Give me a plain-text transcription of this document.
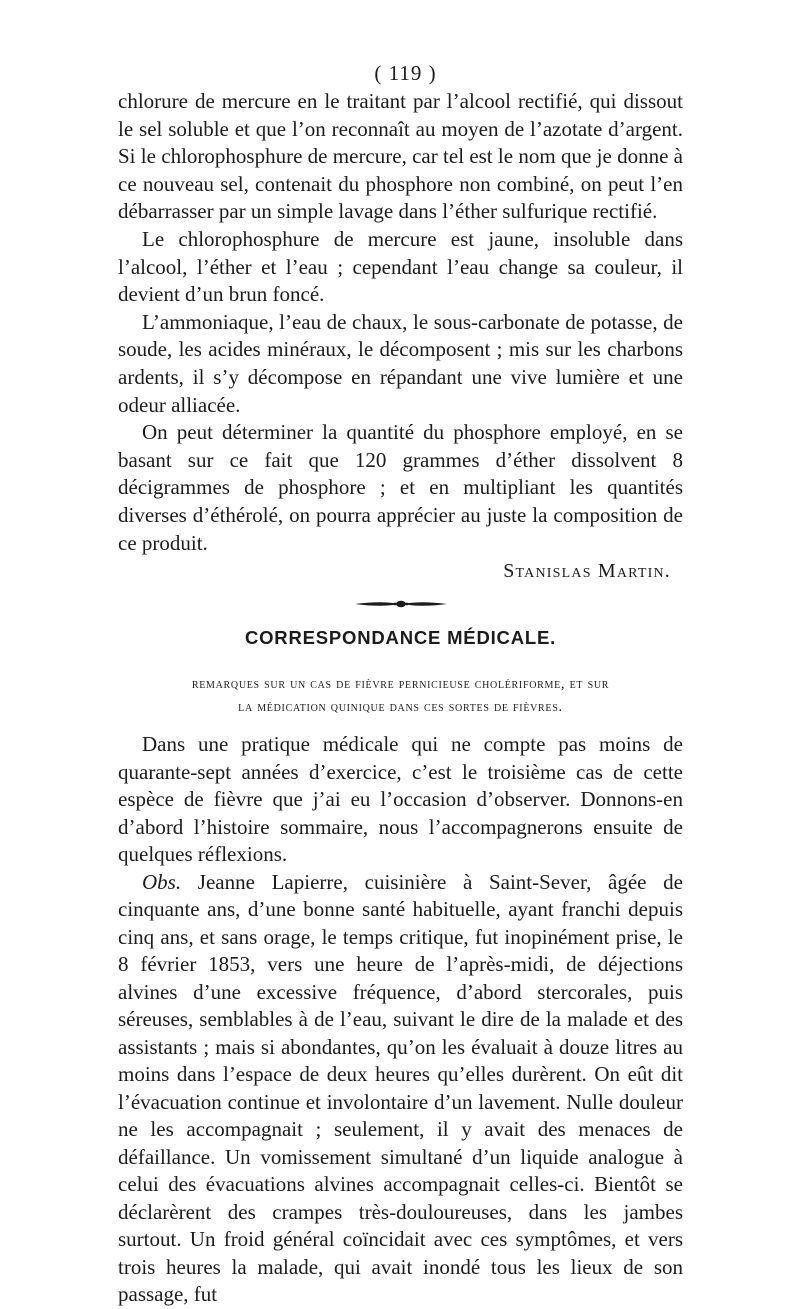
( 119 )

chlorure de mercure en le traitant par l’alcool rectifié, qui dissout le sel soluble et que l’on reconnaît au moyen de l’azotate d’argent. Si le chlorophosphure de mercure, car tel est le nom que je donne à ce nouveau sel, contenait du phosphore non combiné, on peut l’en débarrasser par un simple lavage dans l’éther sulfurique rectifié.

Le chlorophosphure de mercure est jaune, insoluble dans l’alcool, l’éther et l’eau ; cependant l’eau change sa couleur, il devient d’un brun foncé.

L’ammoniaque, l’eau de chaux, le sous-carbonate de potasse, de soude, les acides minéraux, le décomposent ; mis sur les charbons ardents, il s’y décompose en répandant une vive lumière et une odeur alliacée.

On peut déterminer la quantité du phosphore employé, en se basant sur ce fait que 120 grammes d’éther dissolvent 8 décigrammes de phosphore ; et en multipliant les quantités diverses d’éthérolé, on pourra apprécier au juste la composition de ce produit.

Stanislas Martin.
CORRESPONDANCE MÉDICALE.
remarques sur un cas de fièvre pernicieuse cholériforme, et sur
la médication quinique dans ces sortes de fièvres.

Dans une pratique médicale qui ne compte pas moins de quarante-sept années d’exercice, c’est le troisième cas de cette espèce de fièvre que j’ai eu l’occasion d’observer. Donnons-en d’abord l’histoire sommaire, nous l’accompagnerons ensuite de quelques réflexions.

Obs. Jeanne Lapierre, cuisinière à Saint-Sever, âgée de cinquante ans, d’une bonne santé habituelle, ayant franchi depuis cinq ans, et sans orage, le temps critique, fut inopinément prise, le 8 février 1853, vers une heure de l’après-midi, de déjections alvines d’une excessive fréquence, d’abord stercorales, puis séreuses, semblables à de l’eau, suivant le dire de la malade et des assistants ; mais si abondantes, qu’on les évaluait à douze litres au moins dans l’espace de deux heures qu’elles durèrent. On eût dit l’évacuation continue et involontaire d’un lavement. Nulle douleur ne les accompagnait ; seulement, il y avait des menaces de défaillance. Un vomissement simultané d’un liquide analogue à celui des évacuations alvines accompagnait celles-ci. Bientôt se déclarèrent des crampes très-douloureuses, dans les jambes surtout. Un froid général coïncidait avec ces symptômes, et vers trois heures la malade, qui avait inondé tous les lieux de son passage, fut
